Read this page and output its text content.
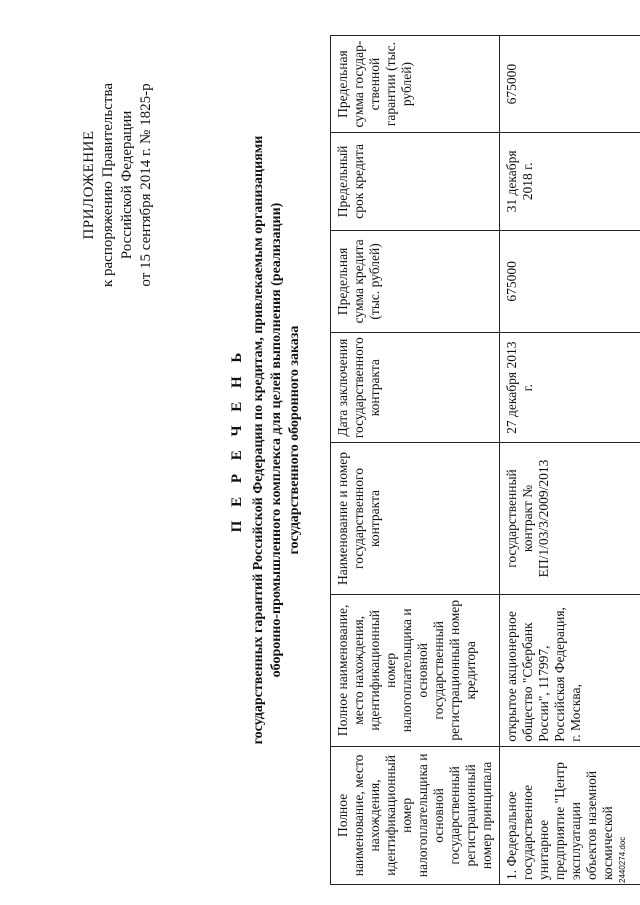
ПРИЛОЖЕНИЕ к распоряжению Правительства Российской Федерации от 15 сентября 2014 г. № 1825-р
П Е Р Е Ч Е Н Ь государственных гарантий Российской Федерации по кредитам, привлекаемым организациями оборонно-промышленного комплекса для целей выполнения (реализации) государственного оборонного заказа
Полное наименование, место нахождения, идентификационный номер налогоплательщика и основной государственный регистрационный номер принципала	Полное наименование, место нахождения, идентификационный номер налогоплательщика и основной государственный регистрационный номер кредитора	Наименование и номер государственного контракта	Дата заключения государственного контракта	Предельная сумма кредита (тыс. рублей)	Предельный срок кредита	Предельная сумма государ-ственной гарантии (тыс. рублей)
1. Федеральное государственное унитарное предприятие "Центр эксплуатации объектов наземной космической	открытое акционерное общество "Сбербанк России", 117997, Российская Федерация, г. Москва,	государственный контракт № ЕП/1/03/3/2009/2013	27 декабря 2013 г.	675000	31 декабря 2018 г.	675000
2440274.doc
